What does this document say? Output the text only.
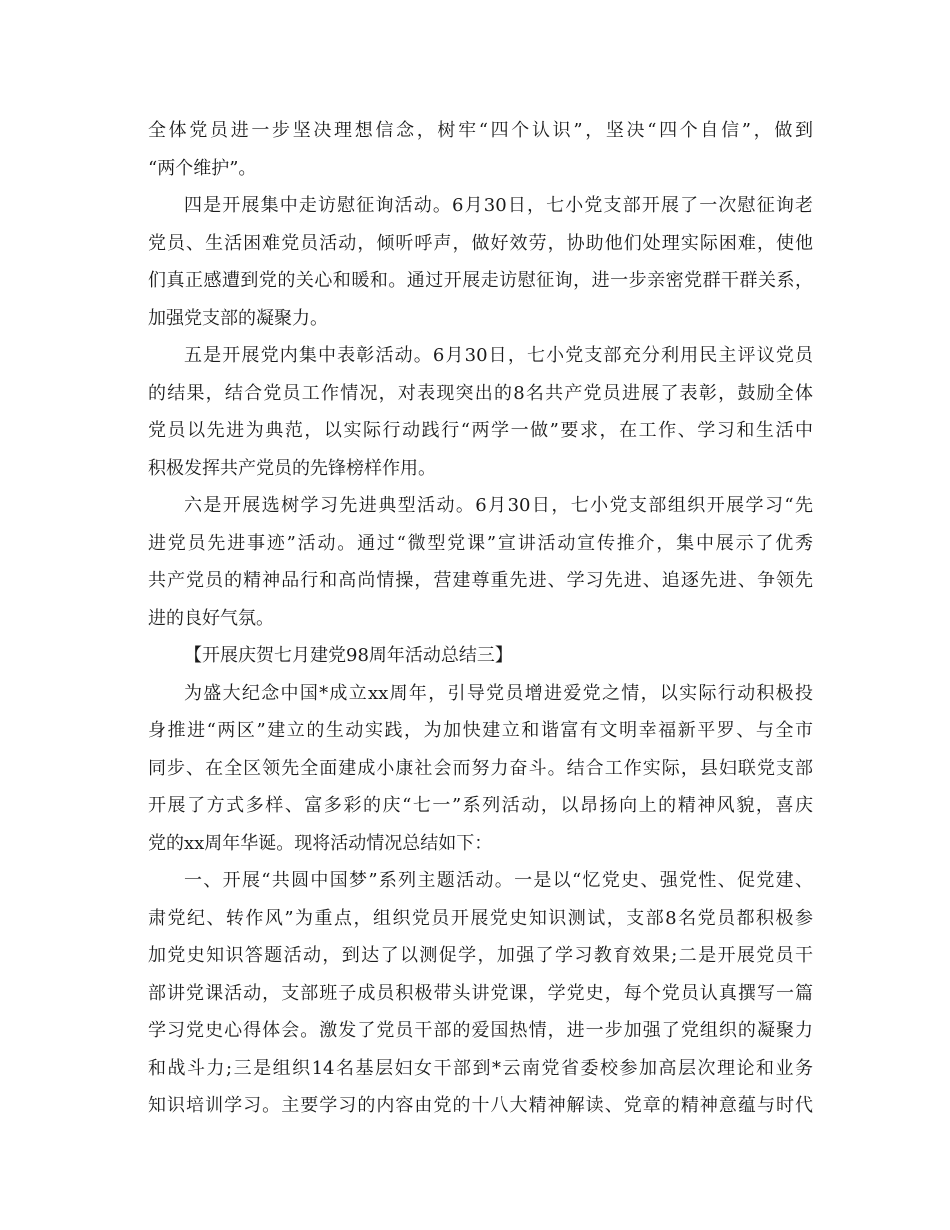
全体党员进一步坚决理想信念，树牢“四个认识”，坚决“四个自信”，做到
“两个维护”。
四是开展集中走访慰征询活动。6月30日，七小党支部开展了一次慰征询老
党员、生活困难党员活动，倾听呼声，做好效劳，协助他们处理实际困难，使他
们真正感遭到党的关心和暖和。通过开展走访慰征询，进一步亲密党群干群关系，
加强党支部的凝聚力。
五是开展党内集中表彰活动。6月30日，七小党支部充分利用民主评议党员
的结果，结合党员工作情况，对表现突出的8名共产党员进展了表彰，鼓励全体
党员以先进为典范，以实际行动践行“两学一做”要求，在工作、学习和生活中
积极发挥共产党员的先锋榜样作用。
六是开展选树学习先进典型活动。6月30日，七小党支部组织开展学习“先
进党员先进事迹”活动。通过“微型党课”宣讲活动宣传推介，集中展示了优秀
共产党员的精神品行和高尚情操，营建尊重先进、学习先进、追逐先进、争领先
进的良好气氛。
【开展庆贺七月建党98周年活动总结三】
为盛大纪念中国*成立xx周年，引导党员增进爱党之情，以实际行动积极投
身推进“两区”建立的生动实践，为加快建立和谐富有文明幸福新平罗、与全市
同步、在全区领先全面建成小康社会而努力奋斗。结合工作实际，县妇联党支部
开展了方式多样、富多彩的庆“七一”系列活动，以昂扬向上的精神风貌，喜庆
党的xx周年华诞。现将活动情况总结如下：
一、开展“共圆中国梦”系列主题活动。一是以“忆党史、强党性、促党建、
肃党纪、转作风”为重点，组织党员开展党史知识测试，支部8名党员都积极参
加党史知识答题活动，到达了以测促学，加强了学习教育效果;二是开展党员干
部讲党课活动，支部班子成员积极带头讲党课，学党史，每个党员认真撰写一篇
学习党史心得体会。激发了党员干部的爱国热情，进一步加强了党组织的凝聚力
和战斗力;三是组织14名基层妇女干部到*云南党省委校参加高层次理论和业务
知识培训学习。主要学习的内容由党的十八大精神解读、党章的精神意蕴与时代
